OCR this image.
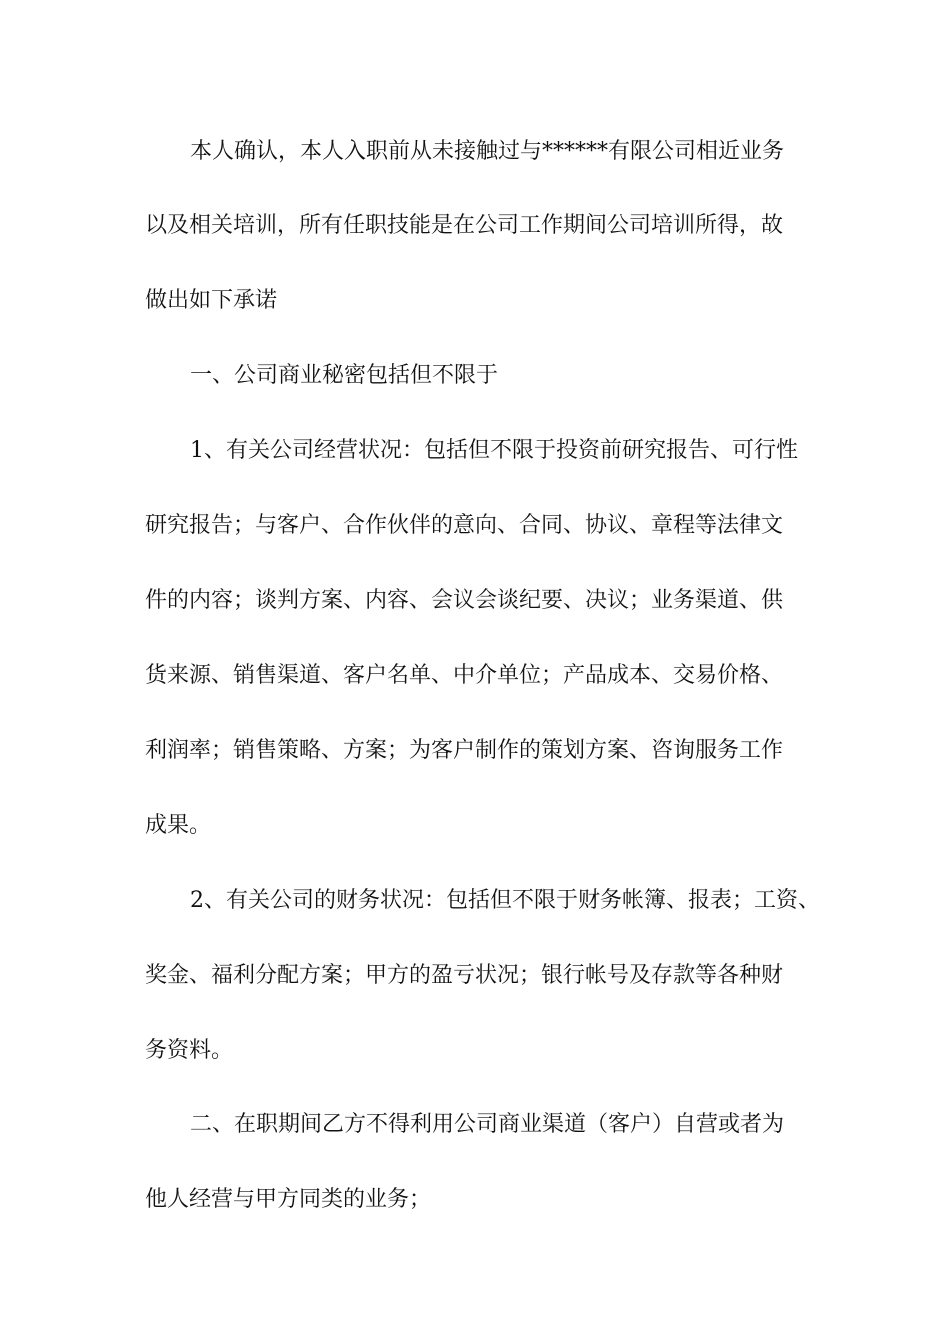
本人确认，本人入职前从未接触过与******有限公司相近业务

以及相关培训，所有任职技能是在公司工作期间公司培训所得，故

做出如下承诺

一、公司商业秘密包括但不限于

1、有关公司经营状况：包括但不限于投资前研究报告、可行性

研究报告；与客户、合作伙伴的意向、合同、协议、章程等法律文

件的内容；谈判方案、内容、会议会谈纪要、决议；业务渠道、供

货来源、销售渠道、客户名单、中介单位；产品成本、交易价格、

利润率；销售策略、方案；为客户制作的策划方案、咨询服务工作

成果。

2、有关公司的财务状况：包括但不限于财务帐簿、报表；工资、

奖金、福利分配方案；甲方的盈亏状况；银行帐号及存款等各种财

务资料。

二、在职期间乙方不得利用公司商业渠道（客户）自营或者为

他人经营与甲方同类的业务；
